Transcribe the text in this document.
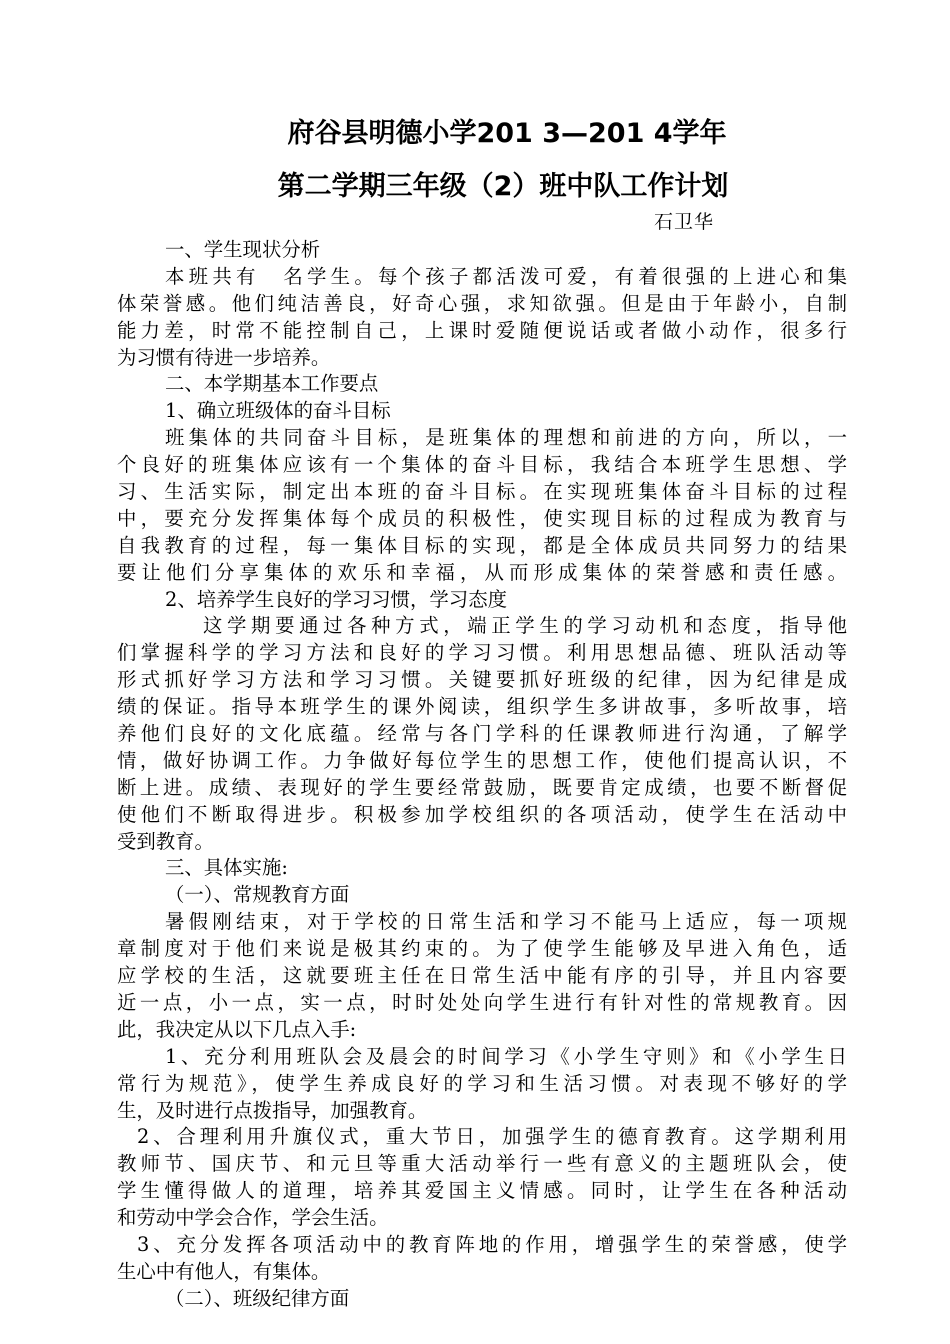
府谷县明德小学201 3—201 4学年
第二学期三年级（2）班中队工作计划
石卫华
一、学生现状分析
本班共有　名学生。每个孩子都活泼可爱，有着很强的上进心和集
体荣誉感。他们纯洁善良，好奇心强，求知欲强。但是由于年龄小，自制
能力差，时常不能控制自己，上课时爱随便说话或者做小动作，很多行
为习惯有待进一步培养。
二、本学期基本工作要点
1、确立班级体的奋斗目标
班集体的共同奋斗目标，是班集体的理想和前进的方向，所以，一
个良好的班集体应该有一个集体的奋斗目标，我结合本班学生思想、学
习、生活实际，制定出本班的奋斗目标。在实现班集体奋斗目标的过程
中，要充分发挥集体每个成员的积极性，使实现目标的过程成为教育与
自我教育的过程，每一集体目标的实现，都是全体成员共同努力的结果
要让他们分享集体的欢乐和幸福，从而形成集体的荣誉感和责任感。
2、培养学生良好的学习习惯，学习态度
这学期要通过各种方式，端正学生的学习动机和态度，指导他
们掌握科学的学习方法和良好的学习习惯。利用思想品德、班队活动等
形式抓好学习方法和学习习惯。关键要抓好班级的纪律，因为纪律是成
绩的保证。指导本班学生的课外阅读，组织学生多讲故事，多听故事，培
养他们良好的文化底蕴。经常与各门学科的任课教师进行沟通，了解学
情，做好协调工作。力争做好每位学生的思想工作，使他们提高认识，不
断上进。成绩、表现好的学生要经常鼓励，既要肯定成绩，也要不断督促
使他们不断取得进步。积极参加学校组织的各项活动，使学生在活动中
受到教育。
三、具体实施:
（一）、常规教育方面
暑假刚结束，对于学校的日常生活和学习不能马上适应，每一项规
章制度对于他们来说是极其约束的。为了使学生能够及早进入角色，适
应学校的生活，这就要班主任在日常生活中能有序的引导，并且内容要
近一点，小一点，实一点，时时处处向学生进行有针对性的常规教育。因
此，我决定从以下几点入手:
1、充分利用班队会及晨会的时间学习《小学生守则》和《小学生日
常行为规范》，使学生养成良好的学习和生活习惯。对表现不够好的学
生，及时进行点拨指导，加强教育。
2、合理利用升旗仪式，重大节日，加强学生的德育教育。这学期利用
教师节、国庆节、和元旦等重大活动举行一些有意义的主题班队会，使
学生懂得做人的道理，培养其爱国主义情感。同时，让学生在各种活动
和劳动中学会合作，学会生活。
3、充分发挥各项活动中的教育阵地的作用，增强学生的荣誉感，使学
生心中有他人，有集体。
（二）、班级纪律方面
